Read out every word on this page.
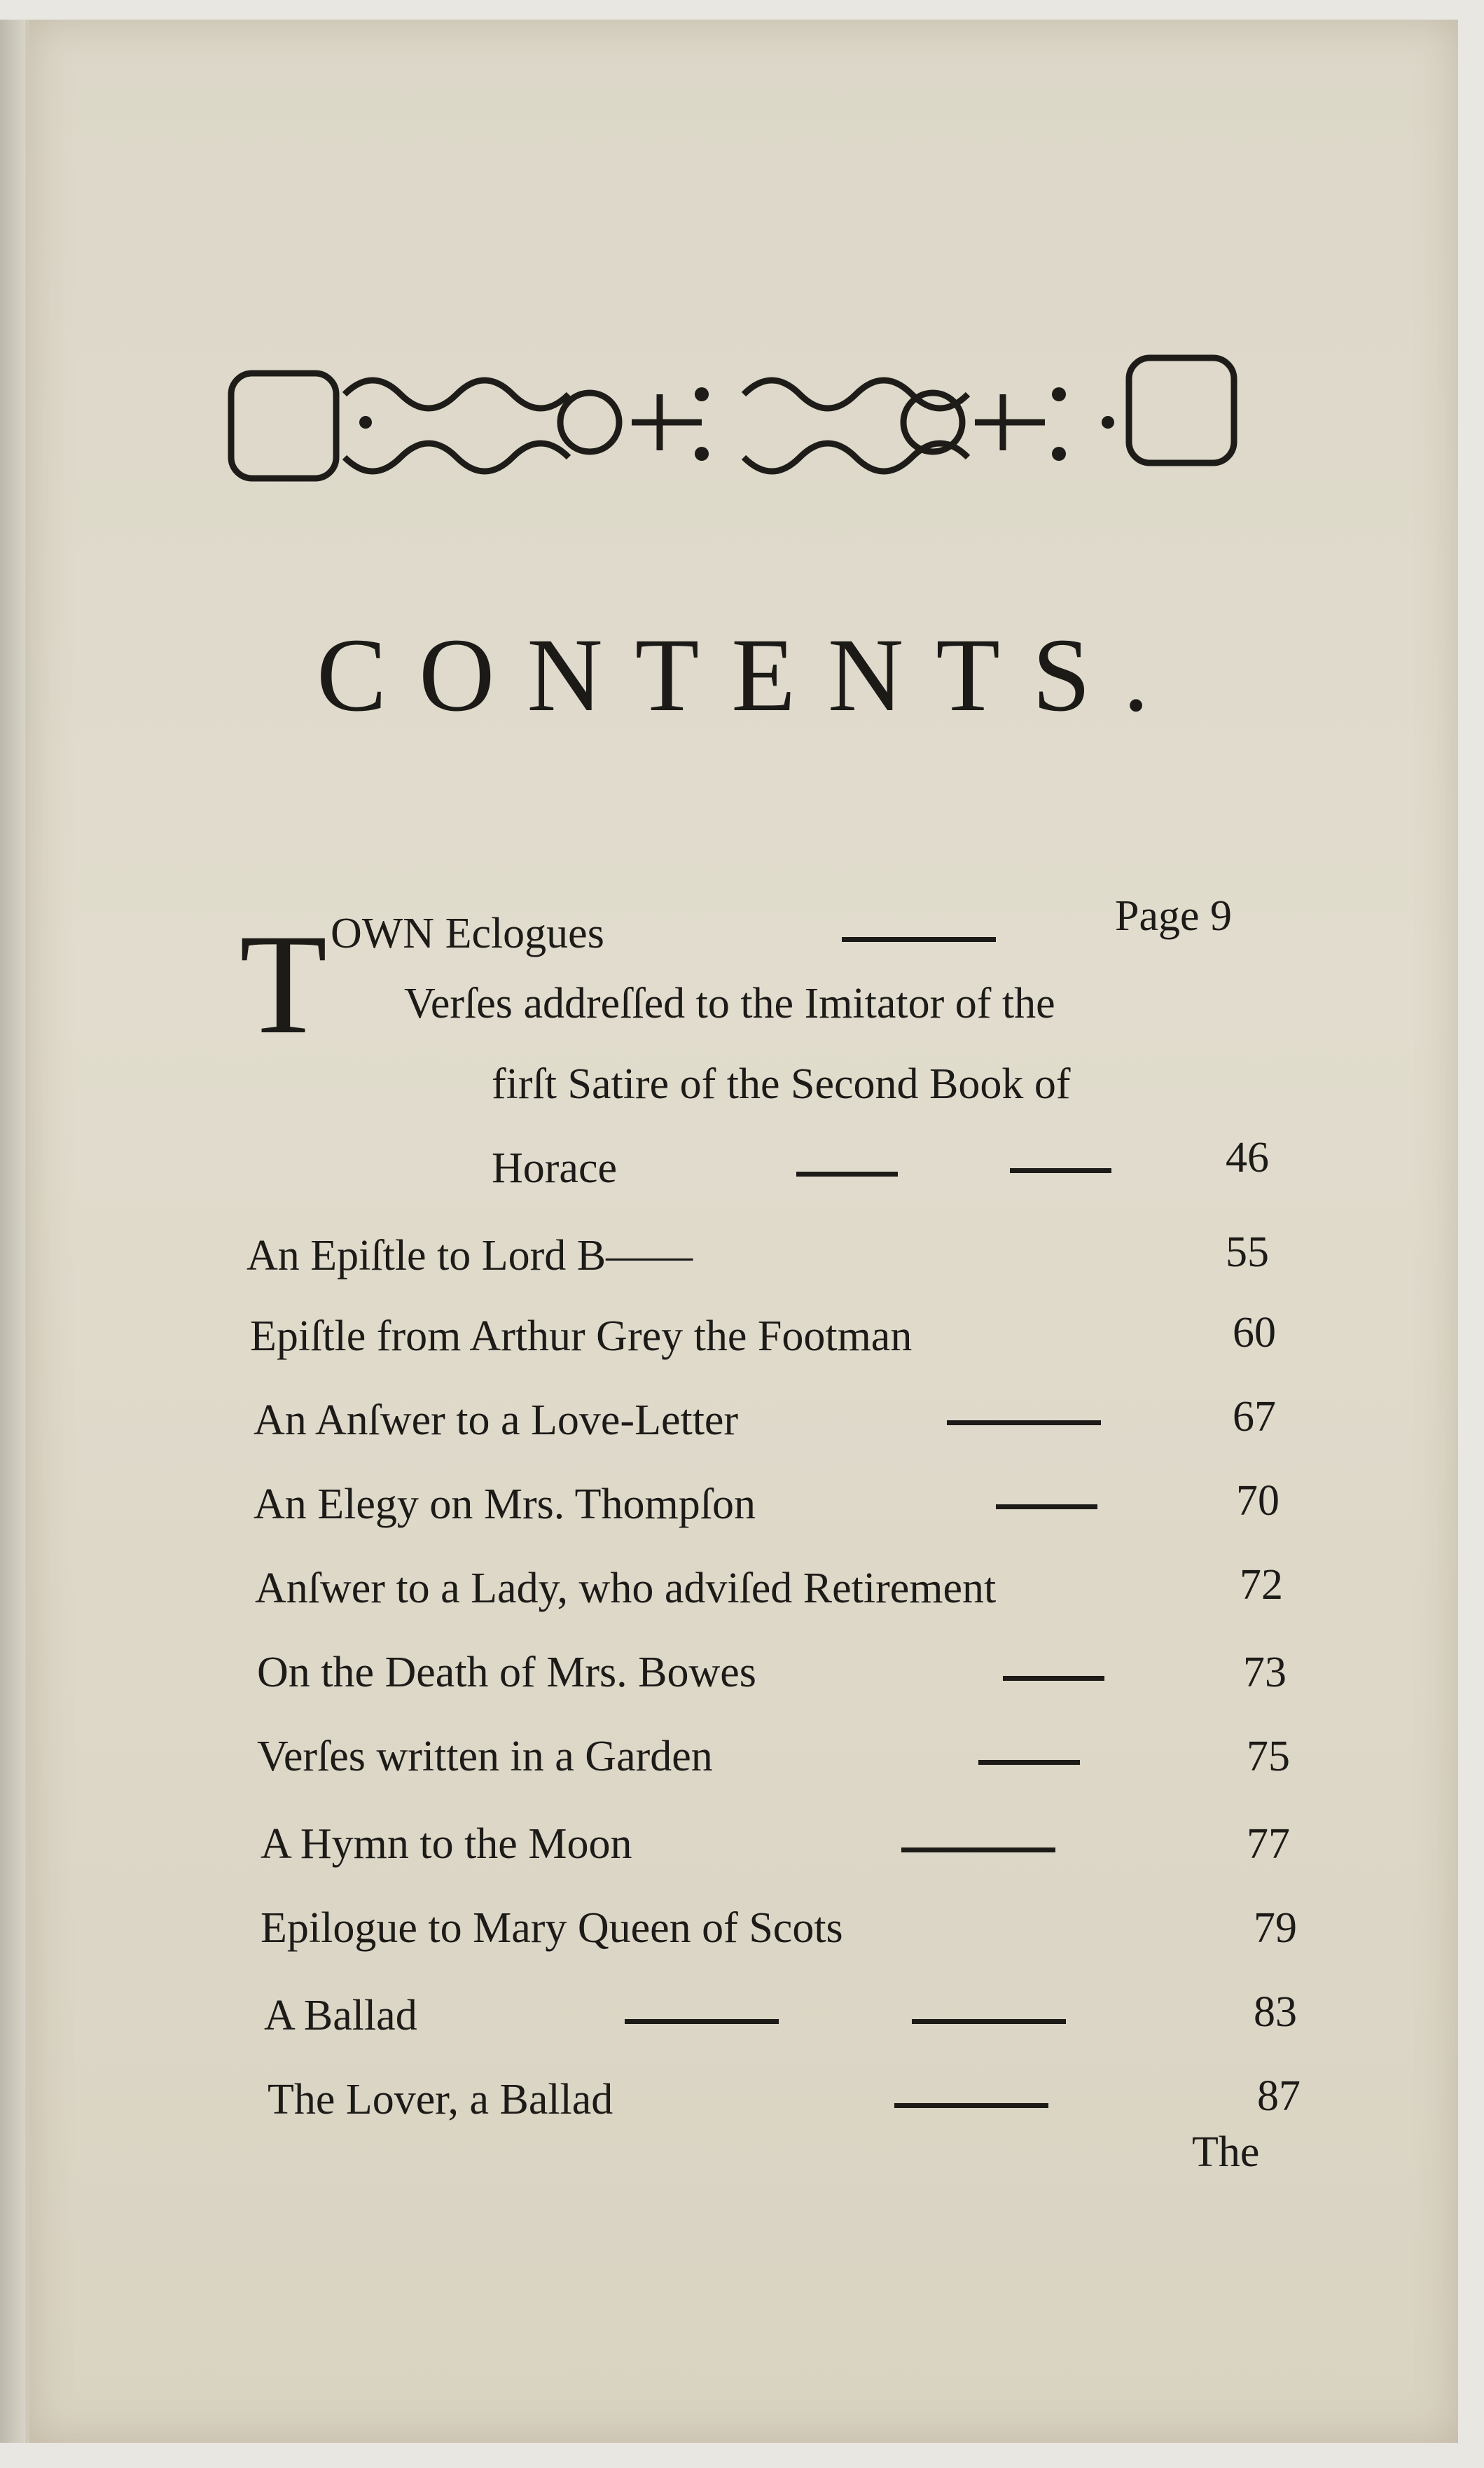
CONTENTS.
T OWN Eclogues	Page 9
Verſes addreſſed to the Imitator of the
firſt Satire of the Second Book of
Horace	46
An Epiſtle to Lord B——	55
Epiſtle from Arthur Grey the Footman	60
An Anſwer to a Love-Letter	67
An Elegy on Mrs. Thompſon	70
Anſwer to a Lady, who adviſed Retirement	72
On the Death of Mrs. Bowes	73
Verſes written in a Garden	75
A Hymn to the Moon	77
Epilogue to Mary Queen of Scots	79
A Ballad	83
The Lover, a Ballad	87
The
